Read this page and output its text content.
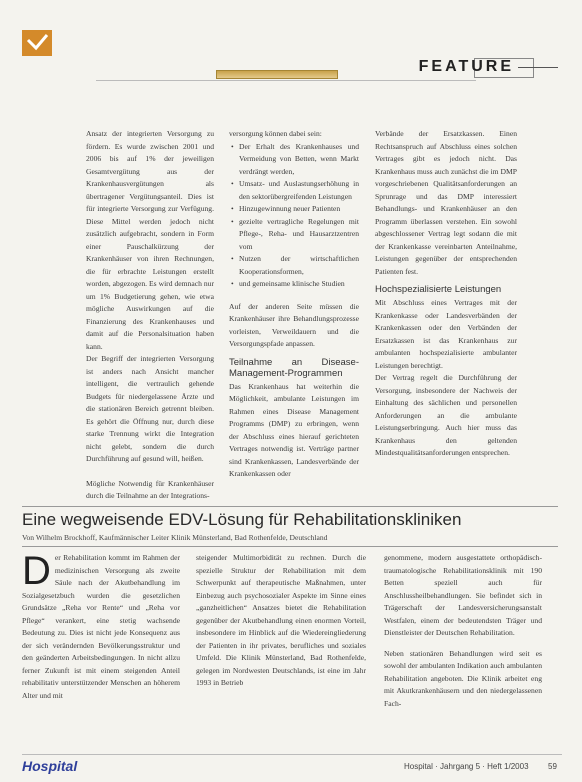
FEATURE

Ansatz der integrierten Versorgung zu fördern. Es wurde zwischen 2001 und 2006 bis auf 1% der jeweiligen Gesamtvergütung aus der Krankenhausvergütungen als übertragener Vergütungsanteil. Dies ist für integrierte Versorgung zur Verfügung. Diese Mittel werden jedoch nicht zusätzlich aufgebracht, sondern in Form einer Pauschalkürzung der Krankenhäuser von ihren Rechnungen, die für erbrachte Leistungen erstellt worden, abgezogen. Es wird demnach nur um 1% Budgetierung gehen, wie etwa mögliche Auswirkungen auf die Finanzierung des Krankenhauses und damit auf die Personalsituation haben kann.

Der Begriff der integrierten Versorgung ist anders nach Ansicht mancher intelligent, die vertraulich gehende Budgets für niedergelassene Ärzte und die stationären Bereich getrennt bleiben. Es gehört die Öffnung nur, durch diese starke Trennung wirkt die Integration nicht gelebt, sondern die durch Durchführung auf gesund will, heißen.

Mögliche Notwendig für Krankenhäuser durch die Teilnahme an der Integrations-

versorgung können dabei sein:

• Der Erhalt des Krankenhauses und Vermeidung von Betten, wenn Markt verdrängt werden,
• Umsatz- und Auslastungserhöhung in den sektorübergreifenden Leistungen
• Hinzugewinnung neuer Patienten
• gezielte vertragliche Regelungen mit Pflege-, Reha- und Hausarztzentren vom
• Nutzen der wirtschaftlichen Kooperationsformen,
• und gemeinsame klinische Studien

Auf der anderen Seite müssen die Krankenhäuser ihre Behandlungsprozesse vorleisten, Verweildauern und die Versorgungspfade anpassen.

Teilnahme an Disease-Management-Programmen

Das Krankenhaus hat weiterhin die Möglichkeit, ambulante Leistungen im Rahmen eines Disease Management Programms (DMP) zu erbringen, wenn der Abschluss eines hierauf gerichteten Vertrages notwendig ist. Verträge partner sind Krankenkassen, Landesverbände der Krankenkassen oder

Verbände der Ersatzkassen. Einen Rechtsanspruch auf Abschluss eines solchen Vertrages gibt es jedoch nicht. Das Krankenhaus muss auch zunächst die im DMP vorgeschriebenen Qualitätsanforderungen an Sprunrage und das DMP interessiert Behandlungs- und Krankenhäuser an den Programm überlassen verstehen. Ein sowohl abgeschlossener Vertrag legt sodann die mit der Krankenkasse vereinbarten Anteilnahme, Leistungen gegenüber der entsprechenden Patienten fest.

Hochspezialisierte Leistungen

Mit Abschluss eines Vertrages mit der Krankenkasse oder Landesverbänden der Krankenkassen oder den Verbänden der Ersatzkassen ist das Krankenhaus zur ambulanten hochspezialisierte ambulanter Leistungen berechtigt.

Der Vertrag regelt die Durchführung der Versorgung, insbesondere der Nachweis der Einhaltung des sächlichen und personellen Anforderungen an die ambulante Leistungserbringung. Auch hier muss das Krankenhaus den geltenden Mindestqualitätsanforderungen entsprechen.

Eine wegweisende EDV-Lösung für Rehabilitationskliniken
Von Wilhelm Brockhoff, Kaufmännischer Leiter Klinik Münsterland, Bad Rothenfelde, Deutschland
D er Rehabilitation kommt im Rahmen der medizinischen Versorgung als zweite Säule nach der Akutbehandlung im Sozialgesetzbuch wurden die gesetzlichen Grundsätze „Reha vor Rente“ und „Reha vor Pflege“ verankert, eine stetig wachsende Bedeutung zu. Dies ist nicht jede Konsequenz aus der sich verändernden Bevölkerungsstruktur und den geänderten Arbeitsbedingungen. In nicht allzu ferner Zukunft ist mit einem steigenden Anteil rehabilitativ unterstützender Menschen an höherem Alter und mit

steigender Multimorbidität zu rechnen. Durch die spezielle Struktur der Rehabilitation mit dem Schwerpunkt auf therapeutische Maßnahmen, unter Einbezug auch psychosozialer Aspekte im Sinne eines „ganzheitlichen“ Ansatzes bietet die Rehabilitation gegenüber der Akutbehandlung einen enormen Vorteil, insbesondere im Hinblick auf die Wiedereingliederung der Patienten in ihr privates, berufliches und soziales Umfeld. Die Klinik Münsterland, Bad Rothenfelde, gelegen im Nordwesten Deutschlands, ist eine im Jahr 1993 in Betrieb

genommene, modern ausgestattete orthopädisch-traumatologische Rehabilitationsklinik mit 190 Betten speziell auch für Anschlussheilbehandlungen. Sie befindet sich in Trägerschaft der Landesversicherungsanstalt Westfalen, einem der bedeutendsten Träger und Dienstleister der Deutschen Rehabilitation.

Neben stationären Behandlungen wird seit es sowohl der ambulanten Indikation auch ambulanten Rehabilitation angeboten. Die Klinik arbeitet eng mit Akutkrankenhäusern und den niedergelassenen Fach-

Hospital	Hospital · Jahrgang 5 · Heft 1/2003 59
